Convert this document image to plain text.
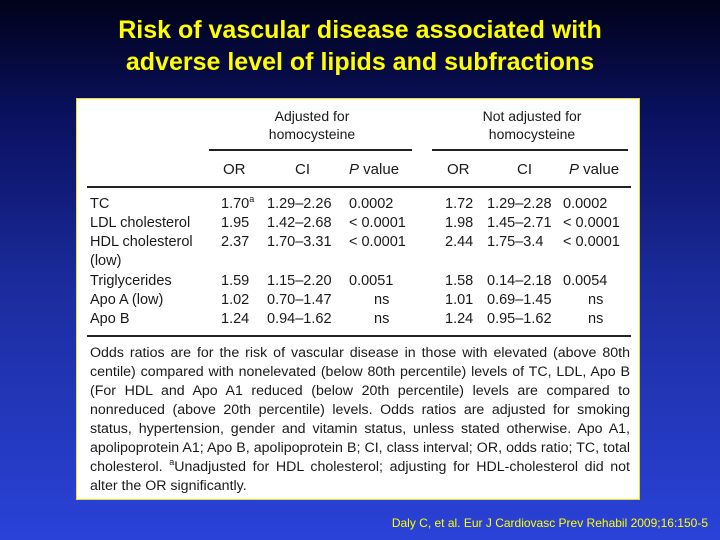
Risk of vascular disease associated with
adverse level of lipids and subfractions
Adjusted for
homocysteine
Not adjusted for
homocysteine
OR	CI	P value	OR	CI P value
TC	1.70$^a$ 1.29–2.26 0.0002	1.72 1.29–2.28 0.0002
LDL cholesterol 1.95 1.42–2.68 < 0.0001	1.98 1.45–2.71 < 0.0001
HDL cholesterol 2.37 1.70–3.31 < 0.0001	2.44 1.75–3.4 < 0.0001
(low)
Triglycerides	1.59 1.15–2.20 0.0051	1.58 0.14–2.18 0.0054
Apo A (low)	1.02 0.70–1.47	ns	1.01 0.69–1.45	ns
Apo B	1.24 0.94–1.62	ns	1.24 0.95–1.62	ns
Odds ratios are for the risk of vascular disease in those with elevated (above 80th centile) compared with nonelevated (below 80th percentile) levels of TC, LDL, Apo B (For HDL and Apo A1 reduced (below 20th percentile) levels are compared to nonreduced (above 20th percentile) levels. Odds ratios are adjusted for smoking status, hypertension, gender and vitamin status, unless stated otherwise. Apo A1, apolipoprotein A1; Apo B, apolipoprotein B; CI, class interval; OR, odds ratio; TC, total cholesterol. $^a$Unadjusted for HDL cholesterol; adjusting for HDL-cholesterol did not alter the OR significantly.
Daly C, et al. Eur J Cardiovasc Prev Rehabil 2009;16:150-5
